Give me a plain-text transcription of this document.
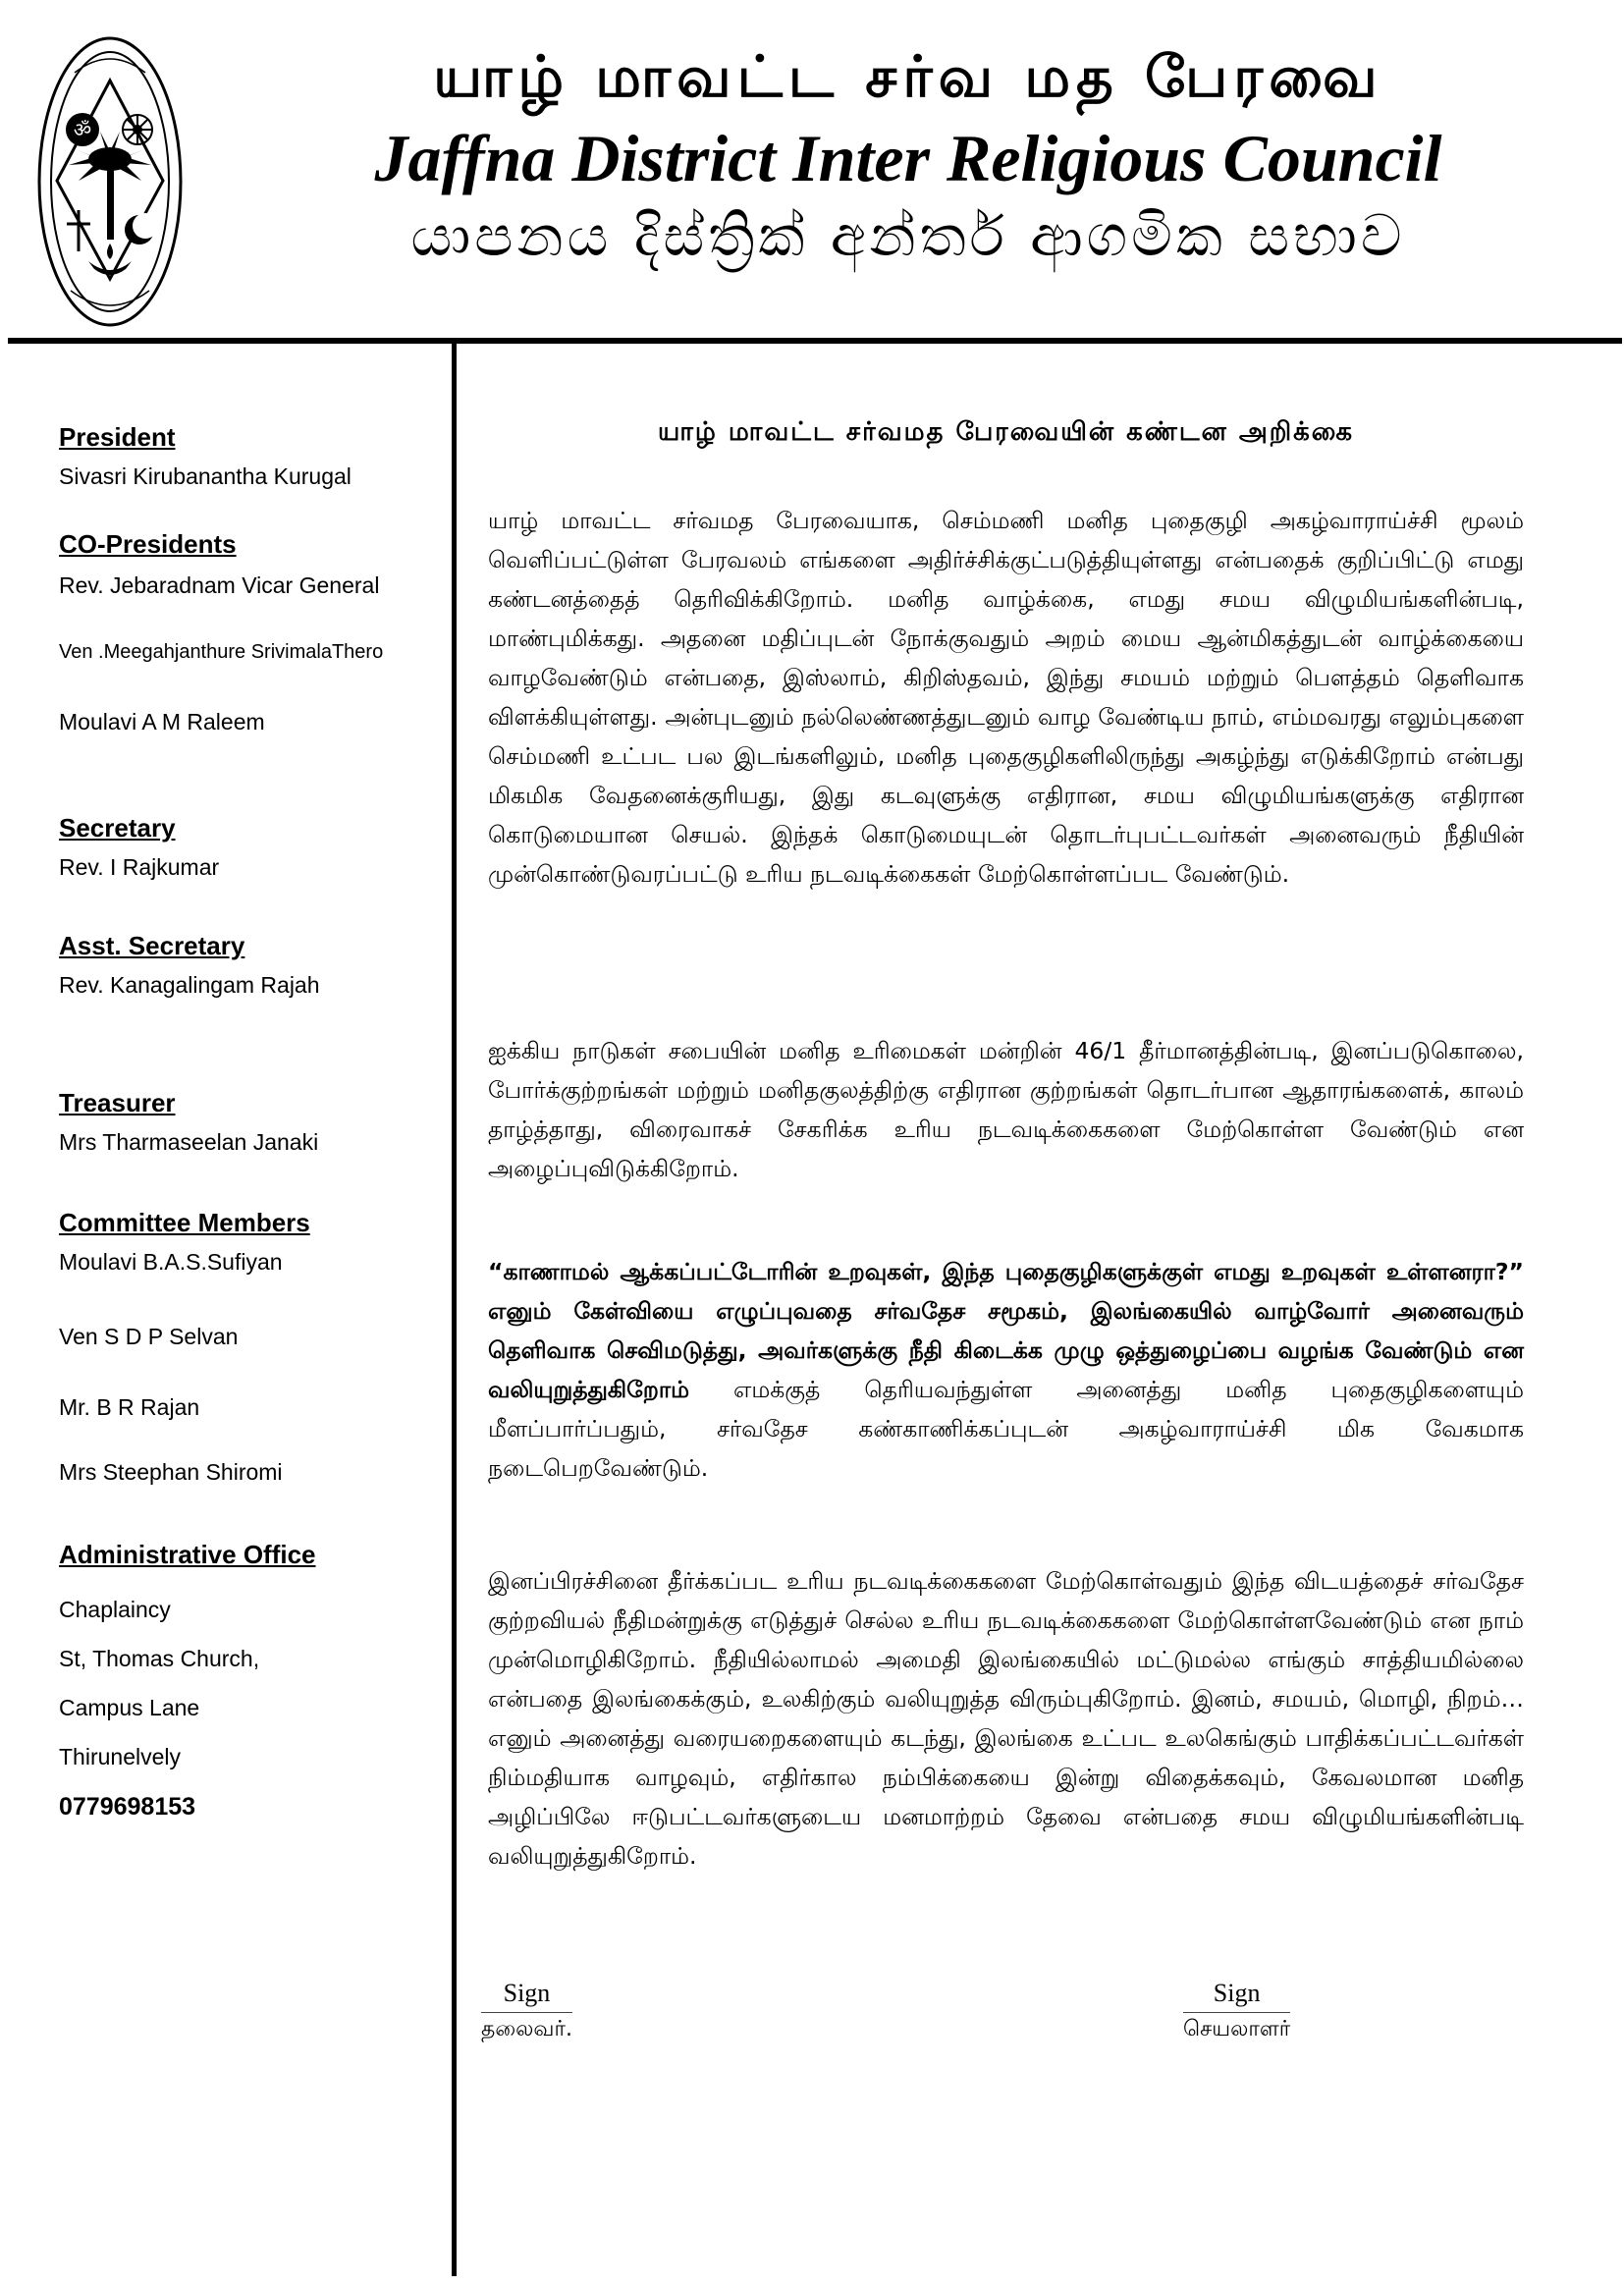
ॐ
யாழ் மாவட்ட சர்வ மத பேரவை
Jaffna District Inter Religious Council
යාපනය දිස්ත්‍රික් අන්තර් ආගමික සභාව
President
Sivasri Kirubanantha Kurugal
CO-Presidents
Rev. Jebaradnam Vicar General
Ven .Meegahjanthure SrivimalaThero
Moulavi A M Raleem
Secretary
Rev. I Rajkumar
Asst. Secretary
Rev. Kanagalingam Rajah
Treasurer
Mrs Tharmaseelan Janaki
Committee Members
Moulavi B.A.S.Sufiyan
Ven S D P Selvan
Mr. B R Rajan
Mrs Steephan Shiromi
Administrative Office
Chaplaincy
St, Thomas Church,
Campus Lane
Thirunelvely
0779698153
யாழ் மாவட்ட சர்வமத பேரவையின் கண்டன அறிக்கை
யாழ் மாவட்ட சர்வமத பேரவையாக, செம்மணி மனித புதைகுழி அகழ்வாராய்ச்சி மூலம் வெளிப்பட்டுள்ள பேரவலம் எங்களை அதிர்ச்சிக்குட்படுத்தியுள்ளது என்பதைக் குறிப்பிட்டு எமது கண்டனத்தைத் தெரிவிக்கிறோம். மனித வாழ்க்கை, எமது சமய விழுமியங்களின்படி, மாண்புமிக்கது. அதனை மதிப்புடன் நோக்குவதும் அறம் மைய ஆன்மிகத்துடன் வாழ்க்கையை வாழவேண்டும் என்பதை, இஸ்லாம், கிறிஸ்தவம், இந்து சமயம் மற்றும் பௌத்தம் தெளிவாக விளக்கியுள்ளது. அன்புடனும் நல்லெண்ணத்துடனும் வாழ வேண்டிய நாம், எம்மவரது எலும்புகளை செம்மணி உட்பட பல இடங்களிலும், மனித புதைகுழிகளிலிருந்து அகழ்ந்து எடுக்கிறோம் என்பது மிகமிக வேதனைக்குரியது, இது கடவுளுக்கு எதிரான, சமய விழுமியங்களுக்கு எதிரான கொடுமையான செயல். இந்தக் கொடுமையுடன் தொடர்புபட்டவர்கள் அனைவரும் நீதியின் முன்கொண்டுவரப்பட்டு உரிய நடவடிக்கைகள் மேற்கொள்ளப்பட வேண்டும்.
ஐக்கிய நாடுகள் சபையின் மனித உரிமைகள் மன்றின் 46/1 தீர்மானத்தின்படி, இனப்படுகொலை, போர்க்குற்றங்கள் மற்றும் மனிதகுலத்திற்கு எதிரான குற்றங்கள் தொடர்பான ஆதாரங்களைக், காலம் தாழ்த்தாது, விரைவாகச் சேகரிக்க உரிய நடவடிக்கைகளை மேற்கொள்ள வேண்டும் என அழைப்புவிடுக்கிறோம்.
“காணாமல் ஆக்கப்பட்டோரின் உறவுகள், இந்த புதைகுழிகளுக்குள் எமது உறவுகள் உள்ளனரா?” எனும் கேள்வியை எழுப்புவதை சர்வதேச சமூகம், இலங்கையில் வாழ்வோர் அனைவரும் தெளிவாக செவிமடுத்து, அவர்களுக்கு நீதி கிடைக்க முழு ஒத்துழைப்பை வழங்க வேண்டும் என வலியுறுத்துகிறோம் எமக்குத் தெரியவந்துள்ள அனைத்து மனித புதைகுழிகளையும் மீளப்பார்ப்பதும், சர்வதேச கண்காணிக்கப்புடன் அகழ்வாராய்ச்சி மிக வேகமாக நடைபெறவேண்டும்.
இனப்பிரச்சினை தீர்க்கப்பட உரிய நடவடிக்கைகளை மேற்கொள்வதும் இந்த விடயத்தைச் சர்வதேச குற்றவியல் நீதிமன்றுக்கு எடுத்துச் செல்ல உரிய நடவடிக்கைகளை மேற்கொள்ளவேண்டும் என நாம் முன்மொழிகிறோம். நீதியில்லாமல் அமைதி இலங்கையில் மட்டுமல்ல எங்கும் சாத்தியமில்லை என்பதை இலங்கைக்கும், உலகிற்கும் வலியுறுத்த விரும்புகிறோம். இனம், சமயம், மொழி, நிறம்… எனும் அனைத்து வரையறைகளையும் கடந்து, இலங்கை உட்பட உலகெங்கும் பாதிக்கப்பட்டவர்கள் நிம்மதியாக வாழவும், எதிர்கால நம்பிக்கையை இன்று விதைக்கவும், கேவலமான மனித அழிப்பிலே ஈடுபட்டவர்களுடைய மனமாற்றம் தேவை என்பதை சமய விழுமியங்களின்படி வலியுறுத்துகிறோம்.
Sign
தலைவர்.
Sign
செயலாளர்
